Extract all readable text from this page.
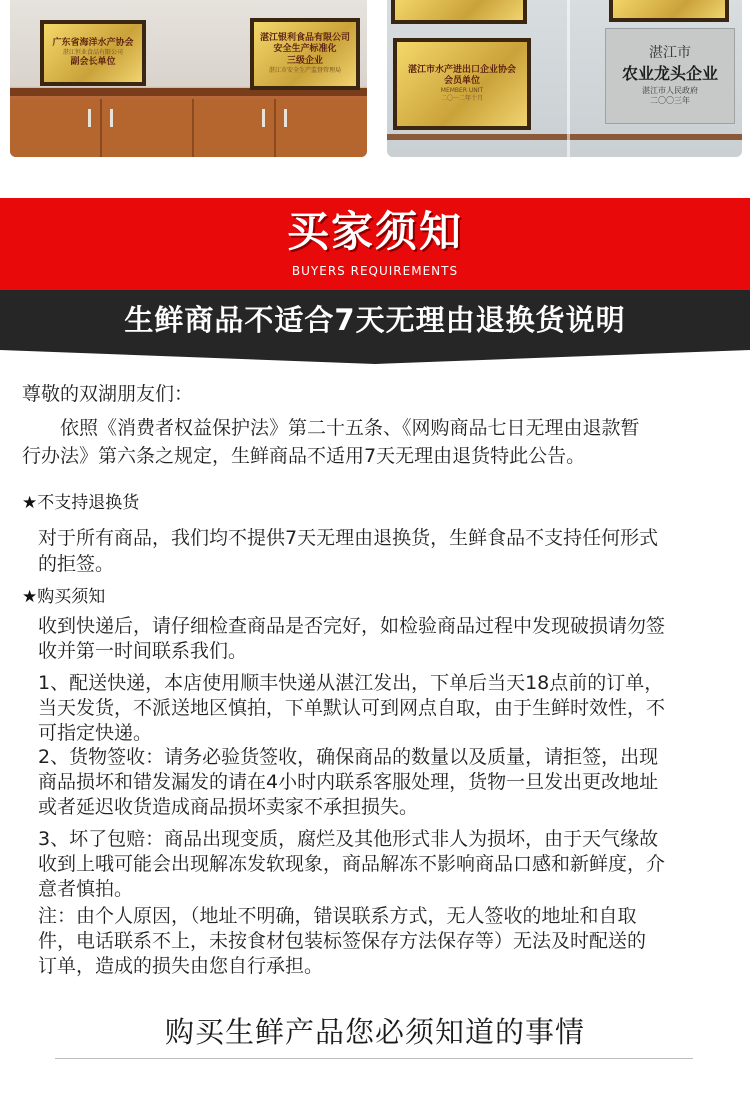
广东省海洋水产协会
湛江恒业食品有限公司
副会长单位
湛江银利食品有限公司
安全生产标准化
三级企业
湛江市安全生产监督管理局	湛江市水产进出口企业协会
会员单位
MEMBER UNIT
二〇一二年十月
湛江市
农业龙头企业
湛江市人民政府
二〇〇三年
买家须知
BUYERS REQUIREMENTS
生鲜商品不适合7天无理由退换货说明
尊敬的双湖朋友们：
依照《消费者权益保护法》第二十五条、《网购商品七日无理由退款暂
行办法》第六条之规定，生鲜商品不适用7天无理由退货特此公告。
★不支持退换货
对于所有商品，我们均不提供7天无理由退换货，生鲜食品不支持任何形式
的拒签。
★购买须知
收到快递后，请仔细检查商品是否完好，如检验商品过程中发现破损请勿签
收并第一时间联系我们。
1、配送快递，本店使用顺丰快递从湛江发出，下单后当天18点前的订单，
当天发货，不派送地区慎拍，下单默认可到网点自取，由于生鲜时效性，不
可指定快递。
2、货物签收：请务必验货签收，确保商品的数量以及质量，请拒签，出现
商品损坏和错发漏发的请在4小时内联系客服处理，货物一旦发出更改地址
或者延迟收货造成商品损坏卖家不承担损失。
3、坏了包赔：商品出现变质，腐烂及其他形式非人为损坏，由于天气缘故
收到上哦可能会出现解冻发软现象，商品解冻不影响商品口感和新鲜度，介
意者慎拍。
注：由个人原因，（地址不明确，错误联系方式，无人签收的地址和自取
件，电话联系不上，未按食材包装标签保存方法保存等）无法及时配送的
订单，造成的损失由您自行承担。
购买生鲜产品您必须知道的事情
